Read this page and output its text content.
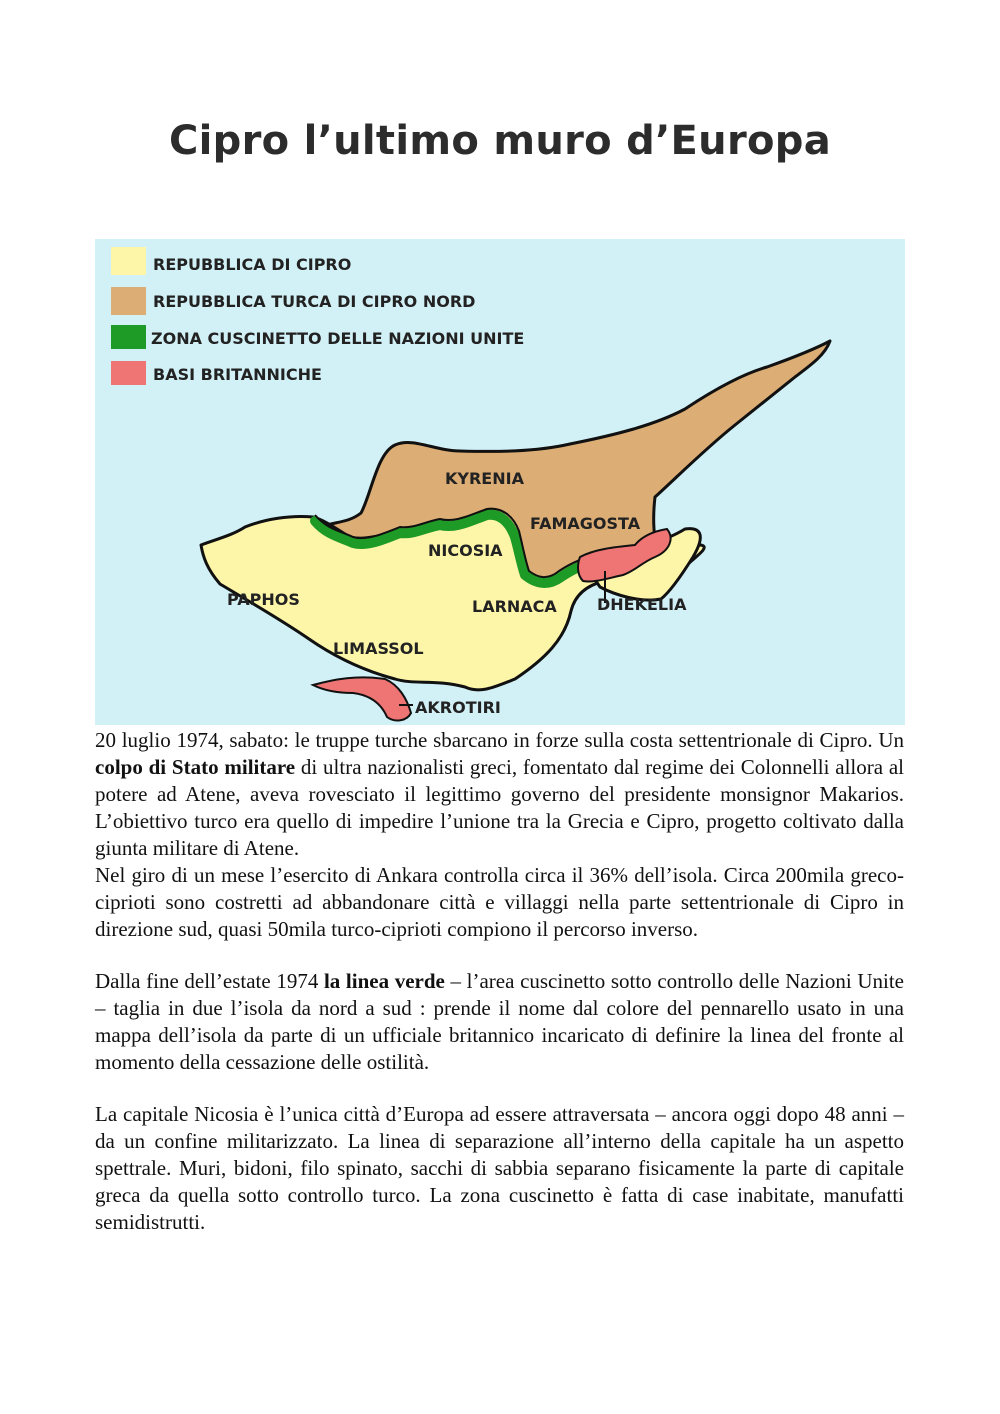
Cipro l’ultimo muro d’Europa
REPUBBLICA DI CIPRO
REPUBBLICA TURCA DI CIPRO NORD
ZONA CUSCINETTO DELLE NAZIONI UNITE
BASI BRITANNICHE
KYRENIA
FAMAGOSTA
NICOSIA
PAPHOS	LARNACA	DHEKELIA
LIMASSOL
AKROTIRI

20 luglio 1974, sabato: le truppe turche sbarcano in forze sulla costa settentrionale di Cipro. Un colpo di Stato militare di ultra nazionalisti greci, fomentato dal regime dei Colonnelli allora al potere ad Atene, aveva rovesciato il legittimo governo del presidente monsignor Makarios. L’obiettivo turco era quello di impedire l’unione tra la Grecia e Cipro, progetto coltivato dalla giunta militare di Atene.

Nel giro di un mese l’esercito di Ankara controlla circa il 36% dell’isola. Circa 200mila greco-ciprioti sono costretti ad abbandonare città e villaggi nella parte settentrionale di Cipro in direzione sud, quasi 50mila turco-ciprioti compiono il percorso inverso.

Dalla fine dell’estate 1974 la linea verde – l’area cuscinetto sotto controllo delle Nazioni Unite – taglia in due l’isola da nord a sud : prende il nome dal colore del pennarello usato in una mappa dell’isola da parte di un ufficiale britannico incaricato di definire la linea del fronte al momento della cessazione delle ostilità.

La capitale Nicosia è l’unica città d’Europa ad essere attraversata – ancora oggi dopo 48 anni – da un confine militarizzato. La linea di separazione all’interno della capitale ha un aspetto spettrale. Muri, bidoni, filo spinato, sacchi di sabbia separano fisicamente la parte di capitale greca da quella sotto controllo turco. La zona cuscinetto è fatta di case inabitate, manufatti semidistrutti.
